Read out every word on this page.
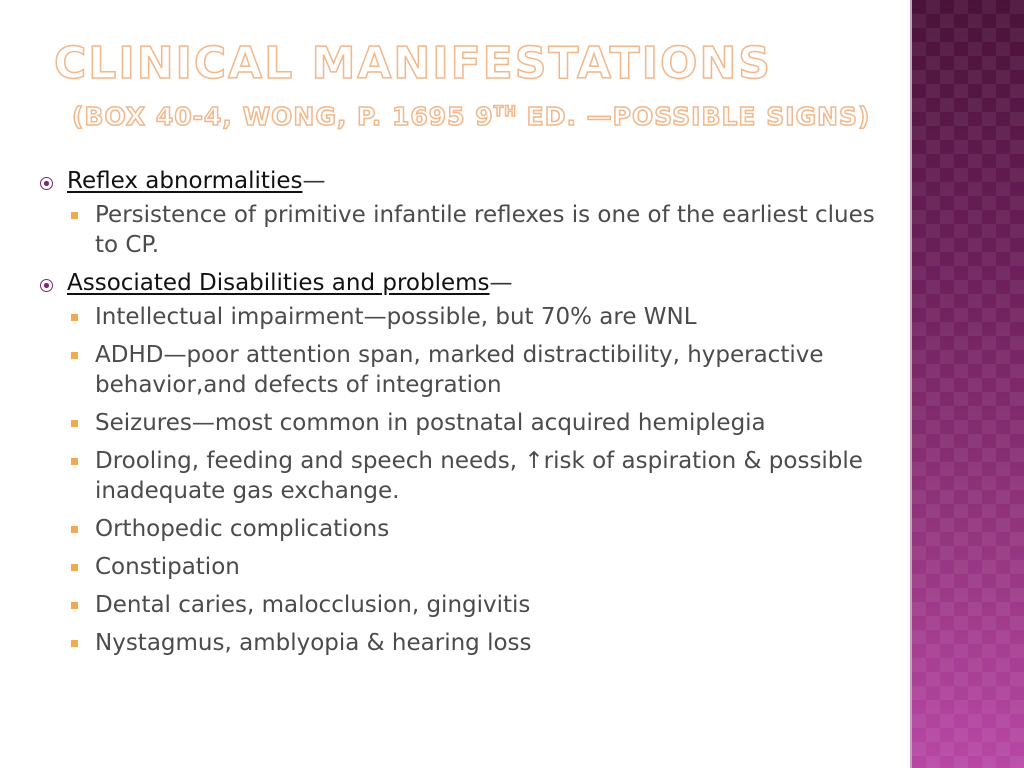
CLINICAL MANIFESTATIONS
(BOX 40-4, WONG, P. 1695 9TH ED. —POSSIBLE SIGNS)
Reflex abnormalities—
Persistence of primitive infantile reflexes is one of the earliest clues to CP.
Associated Disabilities and problems—
Intellectual impairment—possible, but 70% are WNL
ADHD—poor attention span, marked distractibility, hyperactive behavior,and defects of integration
Seizures—most common in postnatal acquired hemiplegia
Drooling, feeding and speech needs, ↑risk of aspiration & possible inadequate gas exchange.
Orthopedic complications
Constipation
Dental caries, malocclusion, gingivitis
Nystagmus, amblyopia & hearing loss
